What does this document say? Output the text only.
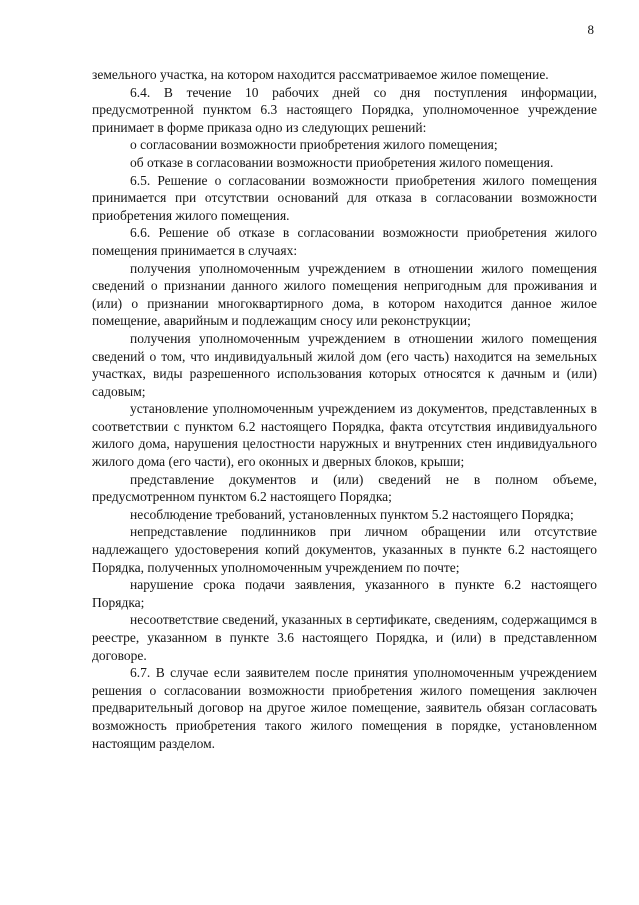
8

земельного участка, на котором находится рассматриваемое жилое помещение.

6.4. В течение 10 рабочих дней со дня поступления информации, предусмотренной пунктом 6.3 настоящего Порядка, уполномоченное учреждение принимает в форме приказа одно из следующих решений:

о согласовании возможности приобретения жилого помещения;

об отказе в согласовании возможности приобретения жилого помещения.

6.5. Решение о согласовании возможности приобретения жилого помещения принимается при отсутствии оснований для отказа в согласовании возможности приобретения жилого помещения.

6.6. Решение об отказе в согласовании возможности приобретения жилого помещения принимается в случаях:

получения уполномоченным учреждением в отношении жилого помещения сведений о признании данного жилого помещения непригодным для проживания и (или) о признании многоквартирного дома, в котором находится данное жилое помещение, аварийным и подлежащим сносу или реконструкции;

получения уполномоченным учреждением в отношении жилого помещения сведений о том, что индивидуальный жилой дом (его часть) находится на земельных участках, виды разрешенного использования которых относятся к дачным и (или) садовым;

установление уполномоченным учреждением из документов, представленных в соответствии с пунктом 6.2 настоящего Порядка, факта отсутствия индивидуального жилого дома, нарушения целостности наружных и внутренних стен индивидуального жилого дома (его части), его оконных и дверных блоков, крыши;

представление документов и (или) сведений не в полном объеме, предусмотренном пунктом 6.2 настоящего Порядка;

несоблюдение требований, установленных пунктом 5.2 настоящего Порядка;

непредставление подлинников при личном обращении или отсутствие надлежащего удостоверения копий документов, указанных в пункте 6.2 настоящего Порядка, полученных уполномоченным учреждением по почте;

нарушение срока подачи заявления, указанного в пункте 6.2 настоящего Порядка;

несоответствие сведений, указанных в сертификате, сведениям, содержащимся в реестре, указанном в пункте 3.6 настоящего Порядка, и (или) в представленном договоре.

6.7. В случае если заявителем после принятия уполномоченным учреждением решения о согласовании возможности приобретения жилого помещения заключен предварительный договор на другое жилое помещение, заявитель обязан согласовать возможность приобретения такого жилого помещения в порядке, установленном настоящим разделом.
